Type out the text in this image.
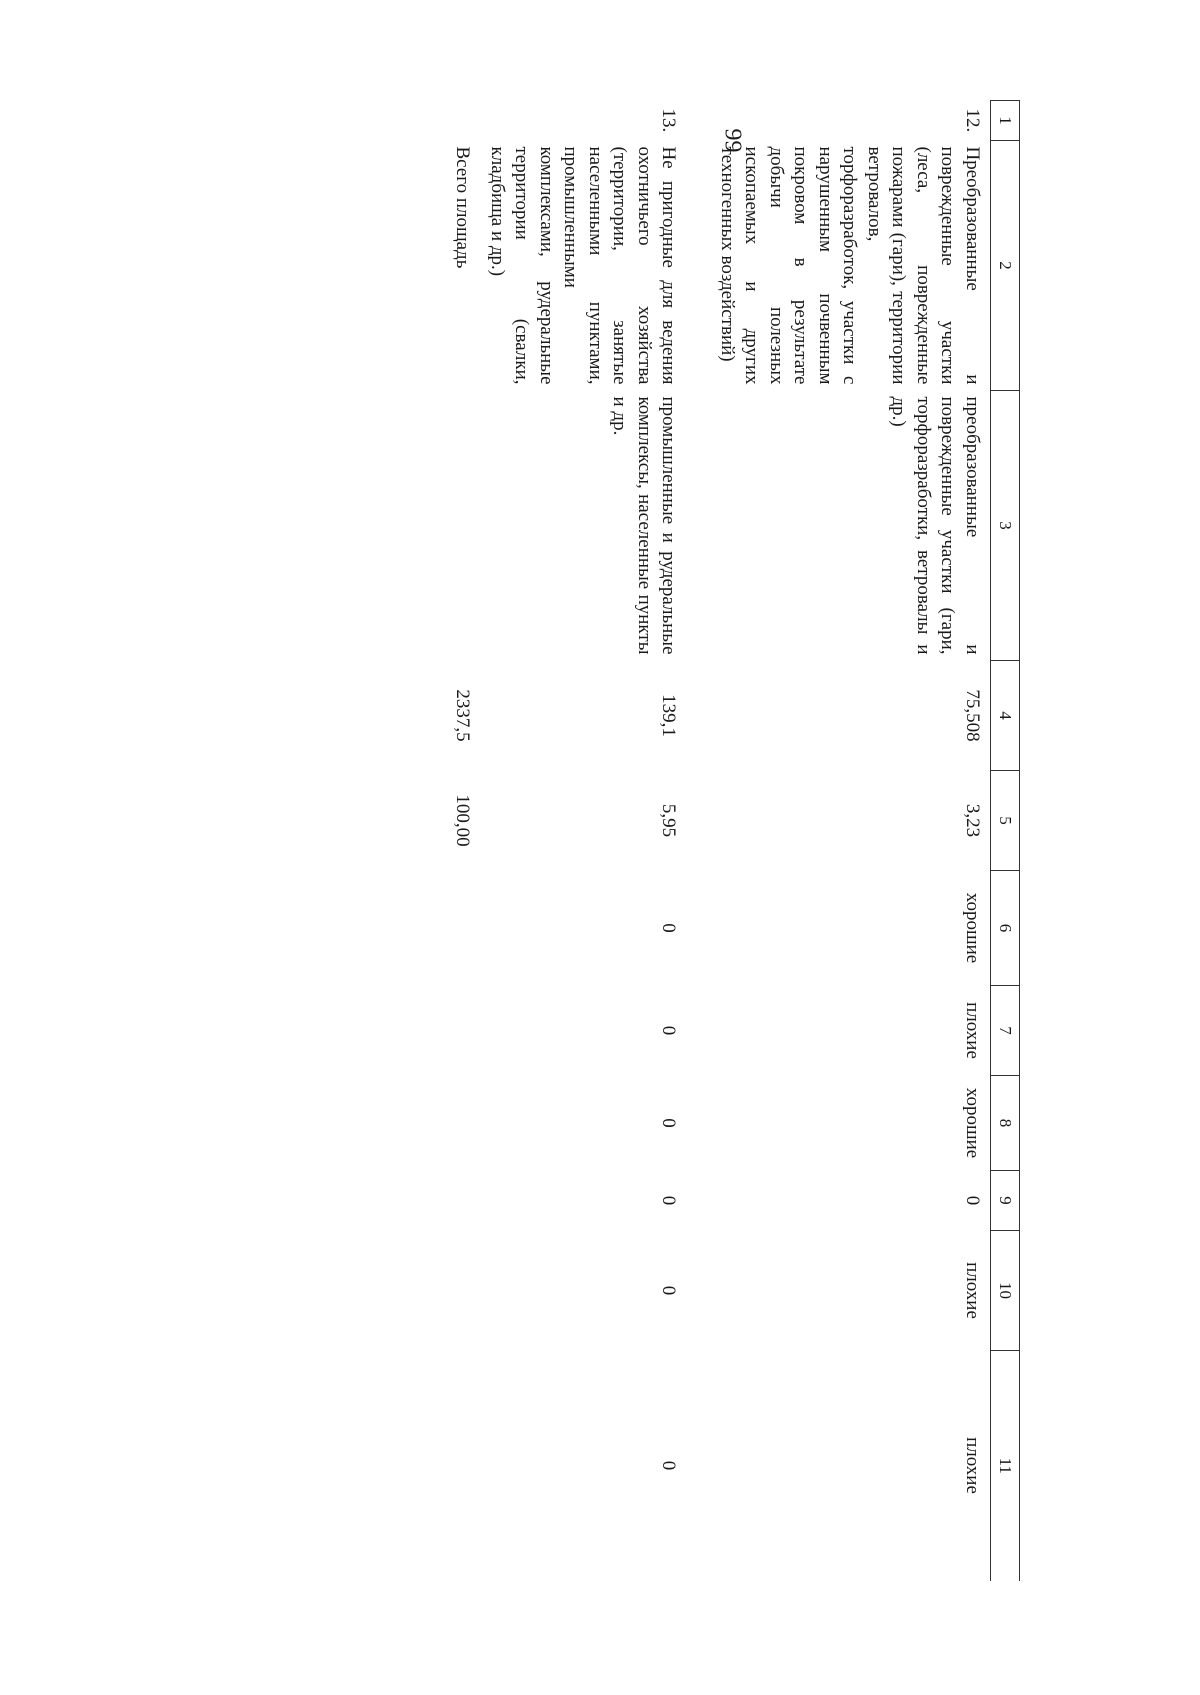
99
1	2	3	4	5	6	7	8	9	10	11
12.	Преобразованные и поврежденные участки (леса, поврежденные пожарами (гари), территории ветровалов, торфоразработок, участки с нарушенным почвенным покровом в результате добычи полезных ископаемых и других техногенных воздействий)	преобразованные и поврежденные участки (гари, торфоразработки, ветровалы и др.)	75,508	3,23	хорошие	плохие	хорошие	0	плохие	плохие
13.	Не пригодные для ведения охотничьего хозяйства (территории, занятые населенными пунктами, промышленными комплексами, рудеральные территории (свалки, кладбища и др.)	промышленные и рудеральные комплексы, населенные пункты и др.	139,1	5,95	0	0	0	0	0	0
	Всего площадь		2337,5	100,00						
